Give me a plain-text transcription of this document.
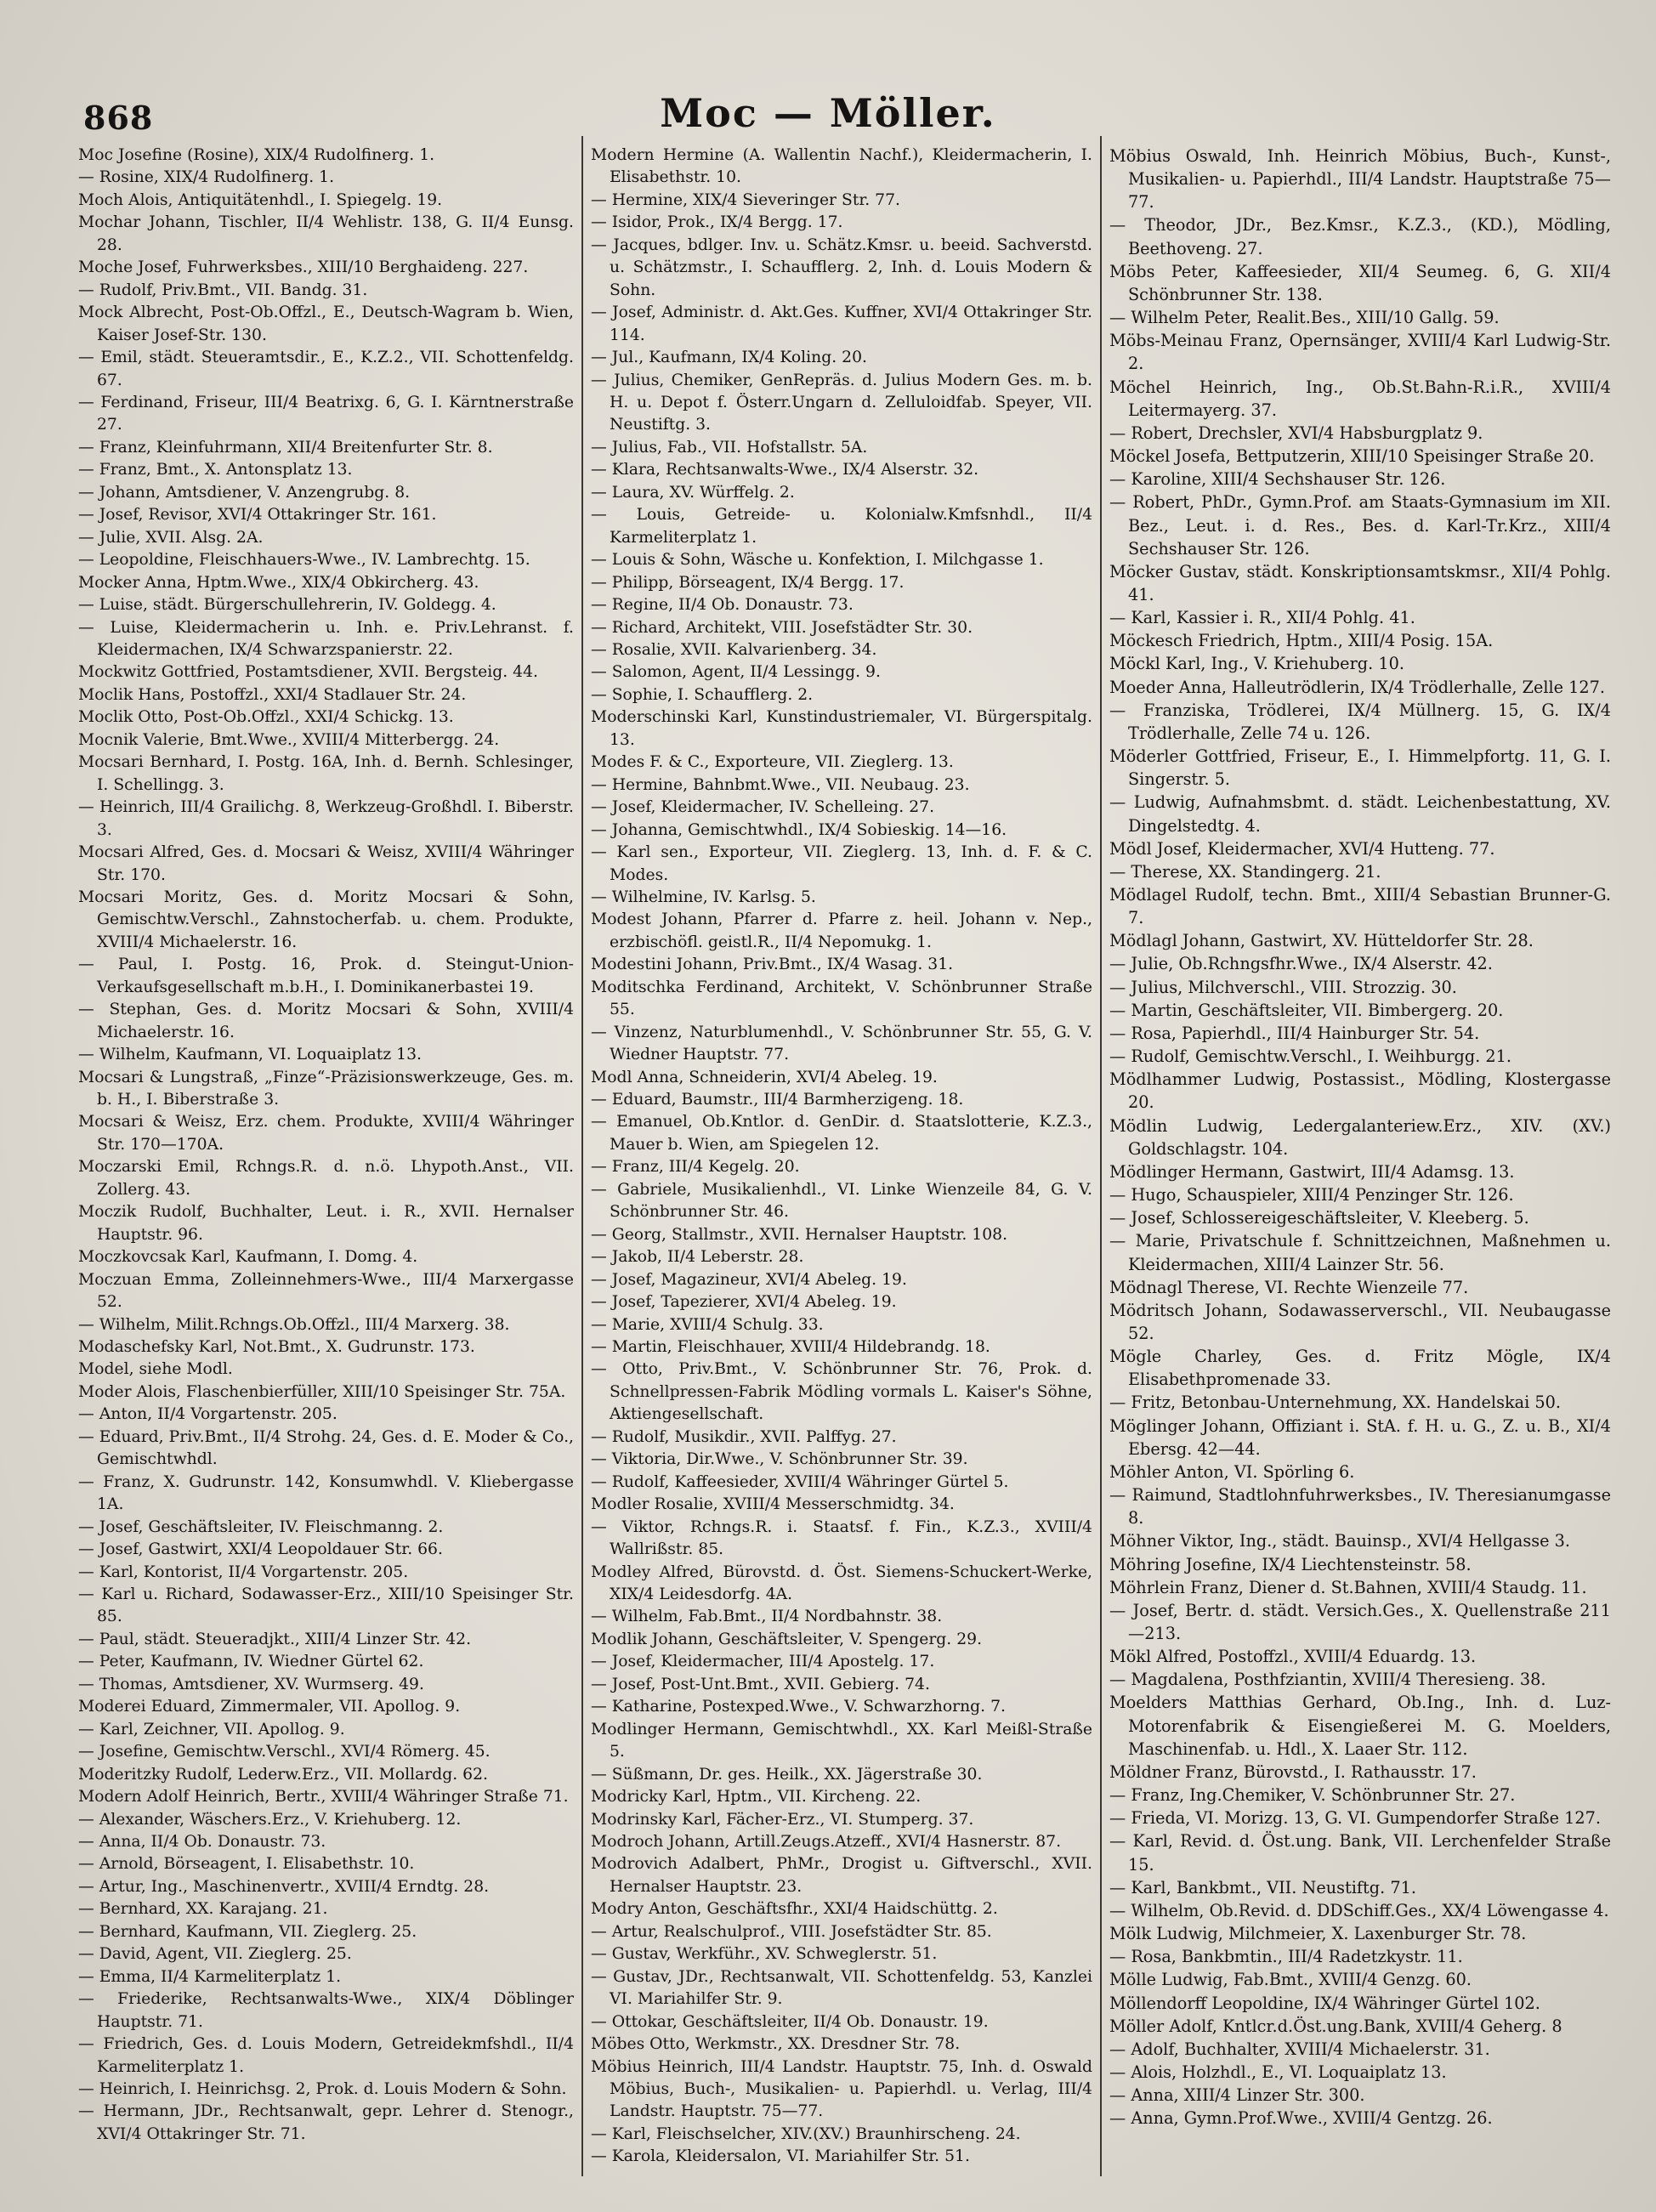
868	Moc — Möller.
Moc Josefine (Rosine), XIX/4 Rudolfinerg. 1.
— Rosine, XIX/4 Rudolfinerg. 1.
Moch Alois, Antiquitätenhdl., I. Spiegelg. 19.
Mochar Johann, Tischler, II/4 Wehlistr. 138, G. II/4 Eunsg. 28.
Moche Josef, Fuhrwerksbes., XIII/10 Berghaideng. 227.
— Rudolf, Priv.Bmt., VII. Bandg. 31.
Mock Albrecht, Post-Ob.Offzl., E., Deutsch-Wagram b. Wien, Kaiser Josef-Str. 130.
— Emil, städt. Steueramtsdir., E., K.Z.2., VII. Schottenfeldg. 67.
— Ferdinand, Friseur, III/4 Beatrixg. 6, G. I. Kärntnerstraße 27.
— Franz, Kleinfuhrmann, XII/4 Breitenfurter Str. 8.
— Franz, Bmt., X. Antonsplatz 13.
— Johann, Amtsdiener, V. Anzengrubg. 8.
— Josef, Revisor, XVI/4 Ottakringer Str. 161.
— Julie, XVII. Alsg. 2A.
— Leopoldine, Fleischhauers-Wwe., IV. Lambrechtg. 15.
Mocker Anna, Hptm.Wwe., XIX/4 Obkircherg. 43.
— Luise, städt. Bürgerschullehrerin, IV. Goldegg. 4.
— Luise, Kleidermacherin u. Inh. e. Priv.Lehranst. f. Kleidermachen, IX/4 Schwarzspanierstr. 22.
Mockwitz Gottfried, Postamtsdiener, XVII. Bergsteig. 44.
Moclik Hans, Postoffzl., XXI/4 Stadlauer Str. 24.
Moclik Otto, Post-Ob.Offzl., XXI/4 Schickg. 13.
Mocnik Valerie, Bmt.Wwe., XVIII/4 Mitterbergg. 24.
Mocsari Bernhard, I. Postg. 16A, Inh. d. Bernh. Schlesinger, I. Schellingg. 3.
— Heinrich, III/4 Grailichg. 8, Werkzeug-Großhdl. I. Biberstr. 3.
Mocsari Alfred, Ges. d. Mocsari & Weisz, XVIII/4 Währinger Str. 170.
Mocsari Moritz, Ges. d. Moritz Mocsari & Sohn, Gemischtw.Verschl., Zahnstocherfab. u. chem. Produkte, XVIII/4 Michaelerstr. 16.
— Paul, I. Postg. 16, Prok. d. Steingut-Union-Verkaufsgesellschaft m.b.H., I. Dominikanerbastei 19.
— Stephan, Ges. d. Moritz Mocsari & Sohn, XVIII/4 Michaelerstr. 16.
— Wilhelm, Kaufmann, VI. Loquaiplatz 13.
Mocsari & Lungstraß, „Finze“-Präzisionswerkzeuge, Ges. m. b. H., I. Biberstraße 3.
Mocsari & Weisz, Erz. chem. Produkte, XVIII/4 Währinger Str. 170—170A.
Moczarski Emil, Rchngs.R. d. n.ö. Lhypoth.Anst., VII. Zollerg. 43.
Moczik Rudolf, Buchhalter, Leut. i. R., XVII. Hernalser Hauptstr. 96.
Moczkovcsak Karl, Kaufmann, I. Domg. 4.
Moczuan Emma, Zolleinnehmers-Wwe., III/4 Marxergasse 52.
— Wilhelm, Milit.Rchngs.Ob.Offzl., III/4 Marxerg. 38.
Modaschefsky Karl, Not.Bmt., X. Gudrunstr. 173.
Model, siehe Modl.
Moder Alois, Flaschenbierfüller, XIII/10 Speisinger Str. 75A.
— Anton, II/4 Vorgartenstr. 205.
— Eduard, Priv.Bmt., II/4 Strohg. 24, Ges. d. E. Moder & Co., Gemischtwhdl.
— Franz, X. Gudrunstr. 142, Konsumwhdl. V. Kliebergasse 1A.
— Josef, Geschäftsleiter, IV. Fleischmanng. 2.
— Josef, Gastwirt, XXI/4 Leopoldauer Str. 66.
— Karl, Kontorist, II/4 Vorgartenstr. 205.
— Karl u. Richard, Sodawasser-Erz., XIII/10 Speisinger Str. 85.
— Paul, städt. Steueradjkt., XIII/4 Linzer Str. 42.
— Peter, Kaufmann, IV. Wiedner Gürtel 62.
— Thomas, Amtsdiener, XV. Wurmserg. 49.
Moderei Eduard, Zimmermaler, VII. Apollog. 9.
— Karl, Zeichner, VII. Apollog. 9.
— Josefine, Gemischtw.Verschl., XVI/4 Römerg. 45.
Moderitzky Rudolf, Lederw.Erz., VII. Mollardg. 62.
Modern Adolf Heinrich, Bertr., XVIII/4 Währinger Straße 71.
— Alexander, Wäschers.Erz., V. Kriehuberg. 12.
— Anna, II/4 Ob. Donaustr. 73.
— Arnold, Börseagent, I. Elisabethstr. 10.
— Artur, Ing., Maschinenvertr., XVIII/4 Erndtg. 28.
— Bernhard, XX. Karajang. 21.
— Bernhard, Kaufmann, VII. Zieglerg. 25.
— David, Agent, VII. Zieglerg. 25.
— Emma, II/4 Karmeliterplatz 1.
— Friederike, Rechtsanwalts-Wwe., XIX/4 Döblinger Hauptstr. 71.
— Friedrich, Ges. d. Louis Modern, Getreidekmfshdl., II/4 Karmeliterplatz 1.
— Heinrich, I. Heinrichsg. 2, Prok. d. Louis Modern & Sohn.
— Hermann, JDr., Rechtsanwalt, gepr. Lehrer d. Stenogr., XVI/4 Ottakringer Str. 71.
Modern Hermine (A. Wallentin Nachf.), Kleidermacherin, I. Elisabethstr. 10.
— Hermine, XIX/4 Sieveringer Str. 77.
— Isidor, Prok., IX/4 Bergg. 17.
— Jacques, bdlger. Inv. u. Schätz.Kmsr. u. beeid. Sachverstd. u. Schätzmstr., I. Schaufflerg. 2, Inh. d. Louis Modern & Sohn.
— Josef, Administr. d. Akt.Ges. Kuffner, XVI/4 Ottakringer Str. 114.
— Jul., Kaufmann, IX/4 Koling. 20.
— Julius, Chemiker, GenRepräs. d. Julius Modern Ges. m. b. H. u. Depot f. Österr.Ungarn d. Zelluloidfab. Speyer, VII. Neustiftg. 3.
— Julius, Fab., VII. Hofstallstr. 5A.
— Klara, Rechtsanwalts-Wwe., IX/4 Alserstr. 32.
— Laura, XV. Würffelg. 2.
— Louis, Getreide- u. Kolonialw.Kmfsnhdl., II/4 Karmeliterplatz 1.
— Louis & Sohn, Wäsche u. Konfektion, I. Milchgasse 1.
— Philipp, Börseagent, IX/4 Bergg. 17.
— Regine, II/4 Ob. Donaustr. 73.
— Richard, Architekt, VIII. Josefstädter Str. 30.
— Rosalie, XVII. Kalvarienberg. 34.
— Salomon, Agent, II/4 Lessingg. 9.
— Sophie, I. Schaufflerg. 2.
Moderschinski Karl, Kunstindustriemaler, VI. Bürgerspitalg. 13.
Modes F. & C., Exporteure, VII. Zieglerg. 13.
— Hermine, Bahnbmt.Wwe., VII. Neubaug. 23.
— Josef, Kleidermacher, IV. Schelleing. 27.
— Johanna, Gemischtwhdl., IX/4 Sobieskig. 14—16.
— Karl sen., Exporteur, VII. Zieglerg. 13, Inh. d. F. & C. Modes.
— Wilhelmine, IV. Karlsg. 5.
Modest Johann, Pfarrer d. Pfarre z. heil. Johann v. Nep., erzbischöfl. geistl.R., II/4 Nepomukg. 1.
Modestini Johann, Priv.Bmt., IX/4 Wasag. 31.
Moditschka Ferdinand, Architekt, V. Schönbrunner Straße 55.
— Vinzenz, Naturblumenhdl., V. Schönbrunner Str. 55, G. V. Wiedner Hauptstr. 77.
Modl Anna, Schneiderin, XVI/4 Abeleg. 19.
— Eduard, Baumstr., III/4 Barmherzigeng. 18.
— Emanuel, Ob.Kntlor. d. GenDir. d. Staatslotterie, K.Z.3., Mauer b. Wien, am Spiegelen 12.
— Franz, III/4 Kegelg. 20.
— Gabriele, Musikalienhdl., VI. Linke Wienzeile 84, G. V. Schönbrunner Str. 46.
— Georg, Stallmstr., XVII. Hernalser Hauptstr. 108.
— Jakob, II/4 Leberstr. 28.
— Josef, Magazineur, XVI/4 Abeleg. 19.
— Josef, Tapezierer, XVI/4 Abeleg. 19.
— Marie, XVIII/4 Schulg. 33.
— Martin, Fleischhauer, XVIII/4 Hildebrandg. 18.
— Otto, Priv.Bmt., V. Schönbrunner Str. 76, Prok. d. Schnellpressen-Fabrik Mödling vormals L. Kaiser's Söhne, Aktiengesellschaft.
— Rudolf, Musikdir., XVII. Palffyg. 27.
— Viktoria, Dir.Wwe., V. Schönbrunner Str. 39.
— Rudolf, Kaffeesieder, XVIII/4 Währinger Gürtel 5.
Modler Rosalie, XVIII/4 Messerschmidtg. 34.
— Viktor, Rchngs.R. i. Staatsf. f. Fin., K.Z.3., XVIII/4 Wallrißstr. 85.
Modley Alfred, Bürovstd. d. Öst. Siemens-Schuckert-Werke, XIX/4 Leidesdorfg. 4A.
— Wilhelm, Fab.Bmt., II/4 Nordbahnstr. 38.
Modlik Johann, Geschäftsleiter, V. Spengerg. 29.
— Josef, Kleidermacher, III/4 Apostelg. 17.
— Josef, Post-Unt.Bmt., XVII. Gebierg. 74.
— Katharine, Postexped.Wwe., V. Schwarzhorng. 7.
Modlinger Hermann, Gemischtwhdl., XX. Karl Meißl-Straße 5.
— Süßmann, Dr. ges. Heilk., XX. Jägerstraße 30.
Modricky Karl, Hptm., VII. Kircheng. 22.
Modrinsky Karl, Fächer-Erz., VI. Stumperg. 37.
Modroch Johann, Artill.Zeugs.Atzeff., XVI/4 Hasnerstr. 87.
Modrovich Adalbert, PhMr., Drogist u. Giftverschl., XVII. Hernalser Hauptstr. 23.
Modry Anton, Geschäftsfhr., XXI/4 Haidschüttg. 2.
— Artur, Realschulprof., VIII. Josefstädter Str. 85.
— Gustav, Werkführ., XV. Schweglerstr. 51.
— Gustav, JDr., Rechtsanwalt, VII. Schottenfeldg. 53, Kanzlei VI. Mariahilfer Str. 9.
— Ottokar, Geschäftsleiter, II/4 Ob. Donaustr. 19.
Möbes Otto, Werkmstr., XX. Dresdner Str. 78.
Möbius Heinrich, III/4 Landstr. Hauptstr. 75, Inh. d. Oswald Möbius, Buch-, Musikalien- u. Papierhdl. u. Verlag, III/4 Landstr. Hauptstr. 75—77.
— Karl, Fleischselcher, XIV.(XV.) Braunhirscheng. 24.
— Karola, Kleidersalon, VI. Mariahilfer Str. 51.
Möbius Oswald, Inh. Heinrich Möbius, Buch-, Kunst-, Musikalien- u. Papierhdl., III/4 Landstr. Hauptstraße 75—77.
— Theodor, JDr., Bez.Kmsr., K.Z.3., (KD.), Mödling, Beethoveng. 27.
Möbs Peter, Kaffeesieder, XII/4 Seumeg. 6, G. XII/4 Schönbrunner Str. 138.
— Wilhelm Peter, Realit.Bes., XIII/10 Gallg. 59.
Möbs-Meinau Franz, Opernsänger, XVIII/4 Karl Ludwig-Str. 2.
Möchel Heinrich, Ing., Ob.St.Bahn-R.i.R., XVIII/4 Leitermayerg. 37.
— Robert, Drechsler, XVI/4 Habsburgplatz 9.
Möckel Josefa, Bettputzerin, XIII/10 Speisinger Straße 20.
— Karoline, XIII/4 Sechshauser Str. 126.
— Robert, PhDr., Gymn.Prof. am Staats-Gymnasium im XII. Bez., Leut. i. d. Res., Bes. d. Karl-Tr.Krz., XIII/4 Sechshauser Str. 126.
Möcker Gustav, städt. Konskriptionsamtskmsr., XII/4 Pohlg. 41.
— Karl, Kassier i. R., XII/4 Pohlg. 41.
Möckesch Friedrich, Hptm., XIII/4 Posig. 15A.
Möckl Karl, Ing., V. Kriehuberg. 10.
Moeder Anna, Halleutrödlerin, IX/4 Trödlerhalle, Zelle 127.
— Franziska, Trödlerei, IX/4 Müllnerg. 15, G. IX/4 Trödlerhalle, Zelle 74 u. 126.
Möderler Gottfried, Friseur, E., I. Himmelpfortg. 11, G. I. Singerstr. 5.
— Ludwig, Aufnahmsbmt. d. städt. Leichenbestattung, XV. Dingelstedtg. 4.
Mödl Josef, Kleidermacher, XVI/4 Hutteng. 77.
— Therese, XX. Standingerg. 21.
Mödlagel Rudolf, techn. Bmt., XIII/4 Sebastian Brunner-G. 7.
Mödlagl Johann, Gastwirt, XV. Hütteldorfer Str. 28.
— Julie, Ob.Rchngsfhr.Wwe., IX/4 Alserstr. 42.
— Julius, Milchverschl., VIII. Strozzig. 30.
— Martin, Geschäftsleiter, VII. Bimbergerg. 20.
— Rosa, Papierhdl., III/4 Hainburger Str. 54.
— Rudolf, Gemischtw.Verschl., I. Weihburgg. 21.
Mödlhammer Ludwig, Postassist., Mödling, Klostergasse 20.
Mödlin Ludwig, Ledergalanteriew.Erz., XIV. (XV.) Goldschlagstr. 104.
Mödlinger Hermann, Gastwirt, III/4 Adamsg. 13.
— Hugo, Schauspieler, XIII/4 Penzinger Str. 126.
— Josef, Schlossereigeschäftsleiter, V. Kleeberg. 5.
— Marie, Privatschule f. Schnittzeichnen, Maßnehmen u. Kleidermachen, XIII/4 Lainzer Str. 56.
Mödnagl Therese, VI. Rechte Wienzeile 77.
Mödritsch Johann, Sodawasserverschl., VII. Neubaugasse 52.
Mögle Charley, Ges. d. Fritz Mögle, IX/4 Elisabethpromenade 33.
— Fritz, Betonbau-Unternehmung, XX. Handelskai 50.
Möglinger Johann, Offiziant i. StA. f. H. u. G., Z. u. B., XI/4 Ebersg. 42—44.
Möhler Anton, VI. Spörling 6.
— Raimund, Stadtlohnfuhrwerksbes., IV. Theresianumgasse 8.
Möhner Viktor, Ing., städt. Bauinsp., XVI/4 Hellgasse 3.
Möhring Josefine, IX/4 Liechtensteinstr. 58.
Möhrlein Franz, Diener d. St.Bahnen, XVIII/4 Staudg. 11.
— Josef, Bertr. d. städt. Versich.Ges., X. Quellenstraße 211—213.
Mökl Alfred, Postoffzl., XVIII/4 Eduardg. 13.
— Magdalena, Posthfziantin, XVIII/4 Theresieng. 38.
Moelders Matthias Gerhard, Ob.Ing., Inh. d. Luz-Motorenfabrik & Eisengießerei M. G. Moelders, Maschinenfab. u. Hdl., X. Laaer Str. 112.
Möldner Franz, Bürovstd., I. Rathausstr. 17.
— Franz, Ing.Chemiker, V. Schönbrunner Str. 27.
— Frieda, VI. Morizg. 13, G. VI. Gumpendorfer Straße 127.
— Karl, Revid. d. Öst.ung. Bank, VII. Lerchenfelder Straße 15.
— Karl, Bankbmt., VII. Neustiftg. 71.
— Wilhelm, Ob.Revid. d. DDSchiff.Ges., XX/4 Löwengasse 4.
Mölk Ludwig, Milchmeier, X. Laxenburger Str. 78.
— Rosa, Bankbmtin., III/4 Radetzkystr. 11.
Mölle Ludwig, Fab.Bmt., XVIII/4 Genzg. 60.
Möllendorff Leopoldine, IX/4 Währinger Gürtel 102.
Möller Adolf, Kntlcr.d.Öst.ung.Bank, XVIII/4 Geherg. 8
— Adolf, Buchhalter, XVIII/4 Michaelerstr. 31.
— Alois, Holzhdl., E., VI. Loquaiplatz 13.
— Anna, XIII/4 Linzer Str. 300.
— Anna, Gymn.Prof.Wwe., XVIII/4 Gentzg. 26.
